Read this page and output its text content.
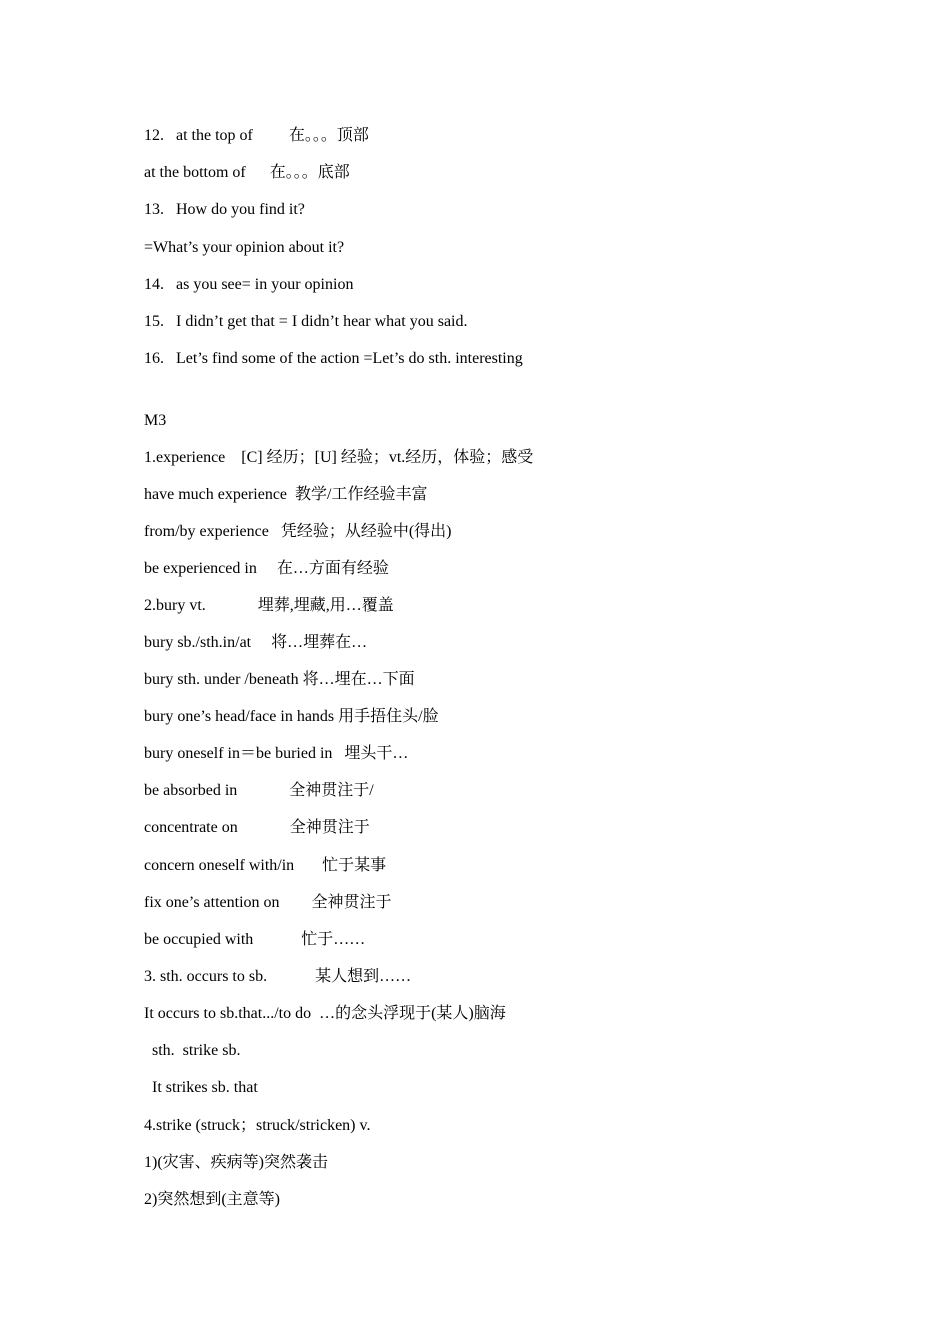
12.   at the top of         在。。。顶部
at the bottom of      在。。。底部
13.   How do you find it?
=What’s your opinion about it?
14.   as you see= in your opinion
15.   I didn’t get that = I didn’t hear what you said.
16.   Let’s find some of the action =Let’s do sth. interesting
M3
1.experience    [C] 经历；[U] 经验；vt.经历，体验；感受
have much experience  教学/工作经验丰富
from/by experience   凭经验；从经验中(得出)
be experienced in     在…方面有经验
2.bury vt.             埋葬,埋藏,用…覆盖
bury sb./sth.in/at     将…埋葬在…
bury sth. under /beneath 将…埋在…下面
bury one’s head/face in hands 用手捂住头/脸
bury oneself in＝be buried in   埋头干…
be absorbed in             全神贯注于/
concentrate on             全神贯注于
concern oneself with/in       忙于某事
fix one’s attention on        全神贯注于
be occupied with            忙于……
3. sth. occurs to sb.            某人想到……
It occurs to sb.that.../to do  …的念头浮现于(某人)脑海
sth.  strike sb.
It strikes sb. that
4.strike (struck；struck/stricken) v.
1)(灾害、疾病等)突然袭击
2)突然想到(主意等)
